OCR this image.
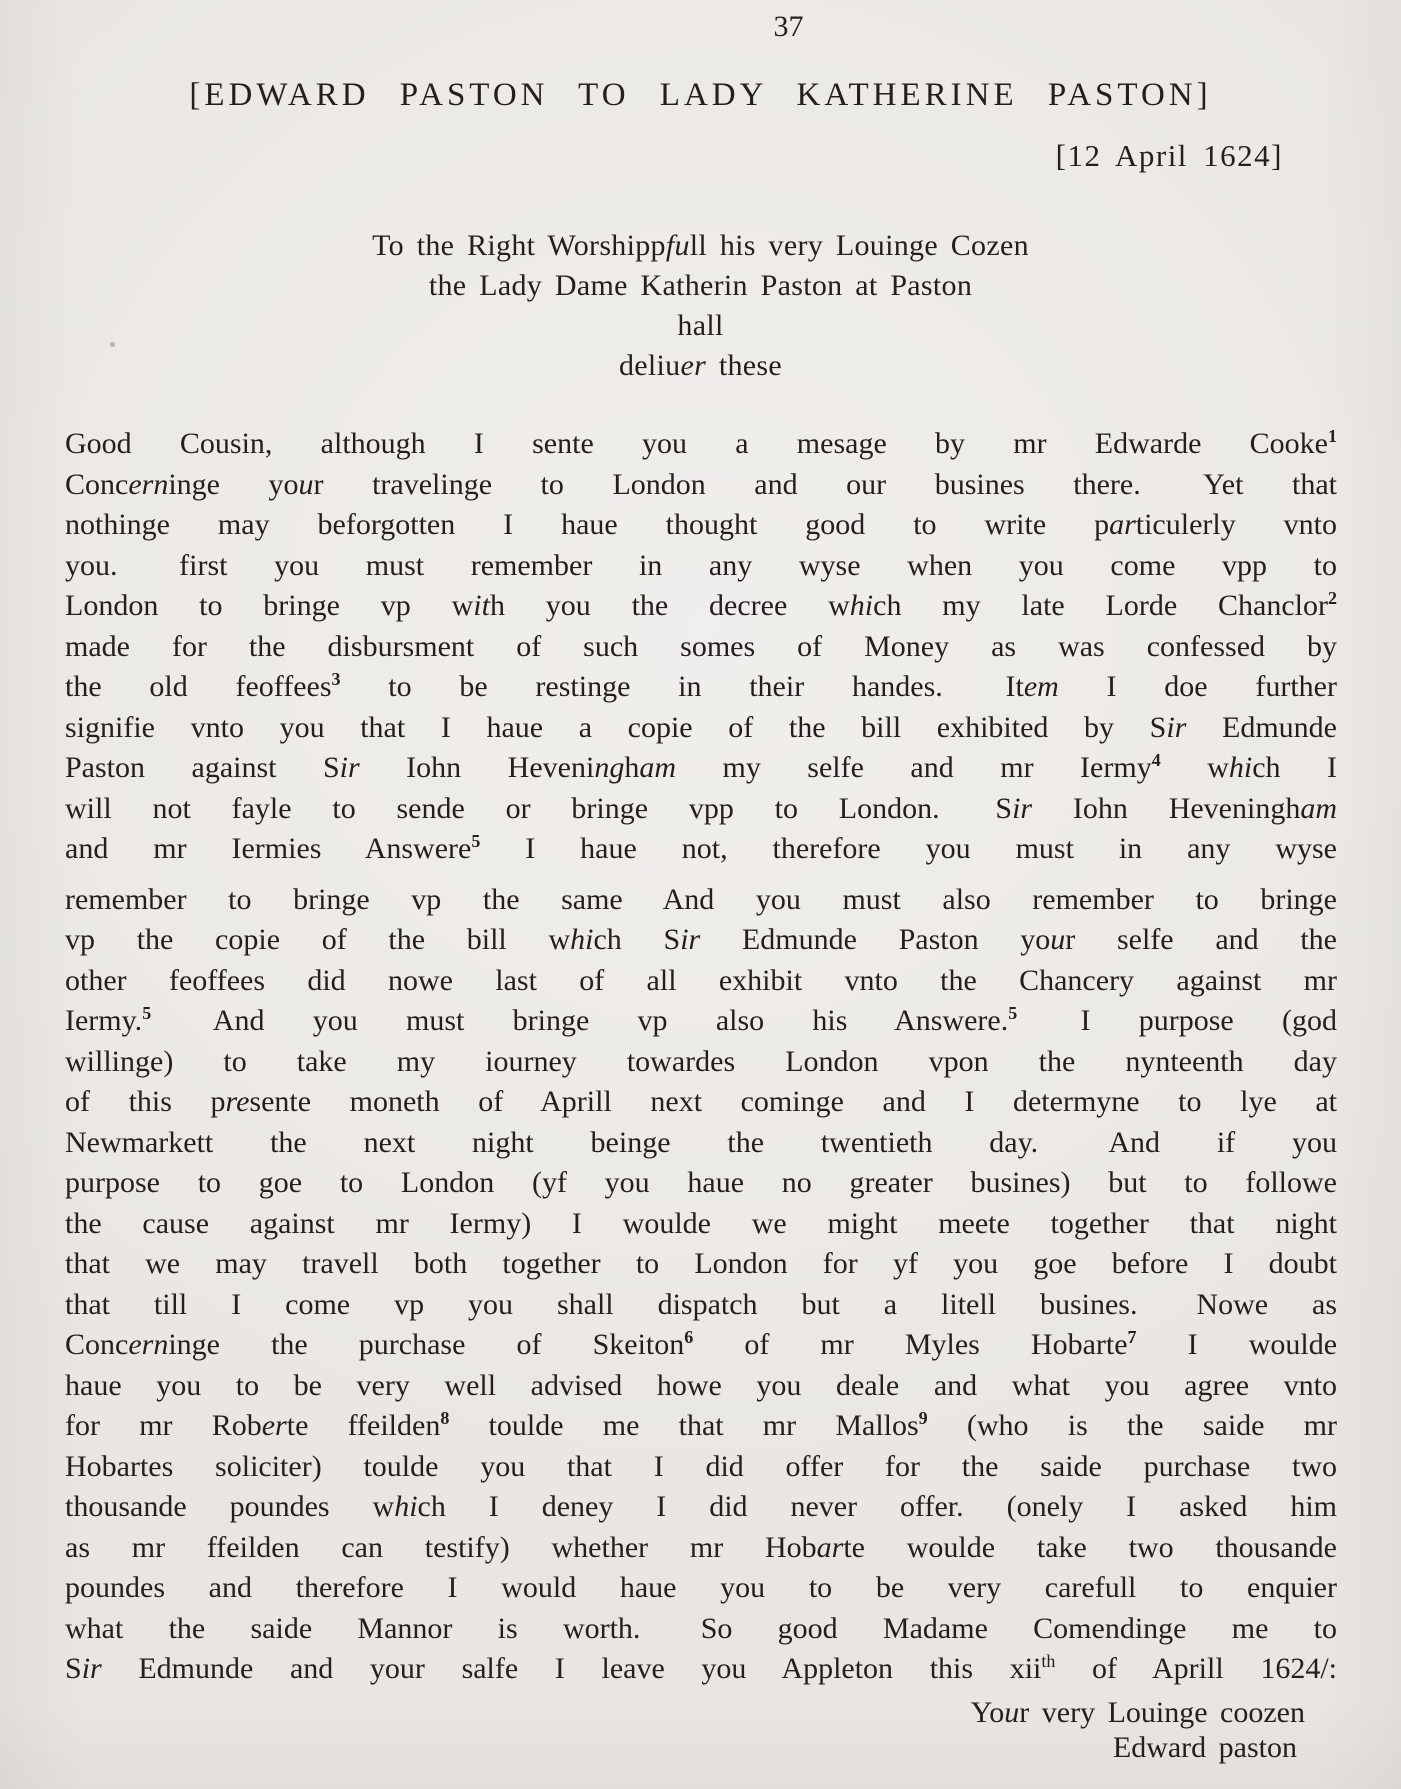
37
[EDWARD PASTON TO LADY KATHERINE PASTON]
[12 April 1624]
To the Right Worshippfull his very Louinge Cozen
the Lady Dame Katherin Paston at Paston
hall
deliuer these
Good Cousin, although I sente you a mesage by mr Edwarde Cooke$^1$
Concerninge your travelinge to London and our busines there.  Yet that
nothinge may beforgotten I haue thought good to write particulerly vnto
you.  first you must remember in any wyse when you come vpp to
London to bringe vp with you the decree which my late Lorde Chanclor$^2$
made for the disbursment of such somes of Money as was confessed by
the old feoffees$^3$ to be restinge in their handes.  Item I doe further
signifie vnto you that I haue a copie of the bill exhibited by Sir Edmunde
Paston against Sir Iohn Heveningham my selfe and mr Iermy$^4$ which I
will not fayle to sende or bringe vpp to London.  Sir Iohn Heveningham
and mr Iermies Answere$^5$ I haue not, therefore you must in any wyse
remember to bringe vp the same And you must also remember to bringe
vp the copie of the bill which Sir Edmunde Paston your selfe and the
other feoffees did nowe last of all exhibit vnto the Chancery against mr
Iermy.$^5$  And you must bringe vp also his Answere.$^5$  I purpose (god
willinge) to take my iourney towardes London vpon the nynteenth day
of this presente moneth of Aprill next cominge and I determyne to lye at
Newmarkett the next night beinge the twentieth day.  And if you
purpose to goe to London (yf you haue no greater busines) but to followe
the cause against mr Iermy) I woulde we might meete together that night
that we may travell both together to London for yf you goe before I doubt
that till I come vp you shall dispatch but a litell busines.  Nowe as
Concerninge the purchase of Skeiton$^6$ of mr Myles Hobarte$^7$ I woulde
haue you to be very well advised howe you deale and what you agree vnto
for mr Roberte ffeilden$^8$ toulde me that mr Mallos$^9$ (who is the saide mr
Hobartes soliciter) toulde you that I did offer for the saide purchase two
thousande poundes which I deney I did never offer. (onely I asked him
as mr ffeilden can testify) whether mr Hobarte woulde take two thousande
poundes and therefore I would haue you to be very carefull to enquier
what the saide Mannor is worth.  So good Madame Comendinge me to
Sir Edmunde and your salfe I leave you Appleton this xii$^{th}$ of Aprill 1624/:
Your very Louinge coozen
Edward paston
